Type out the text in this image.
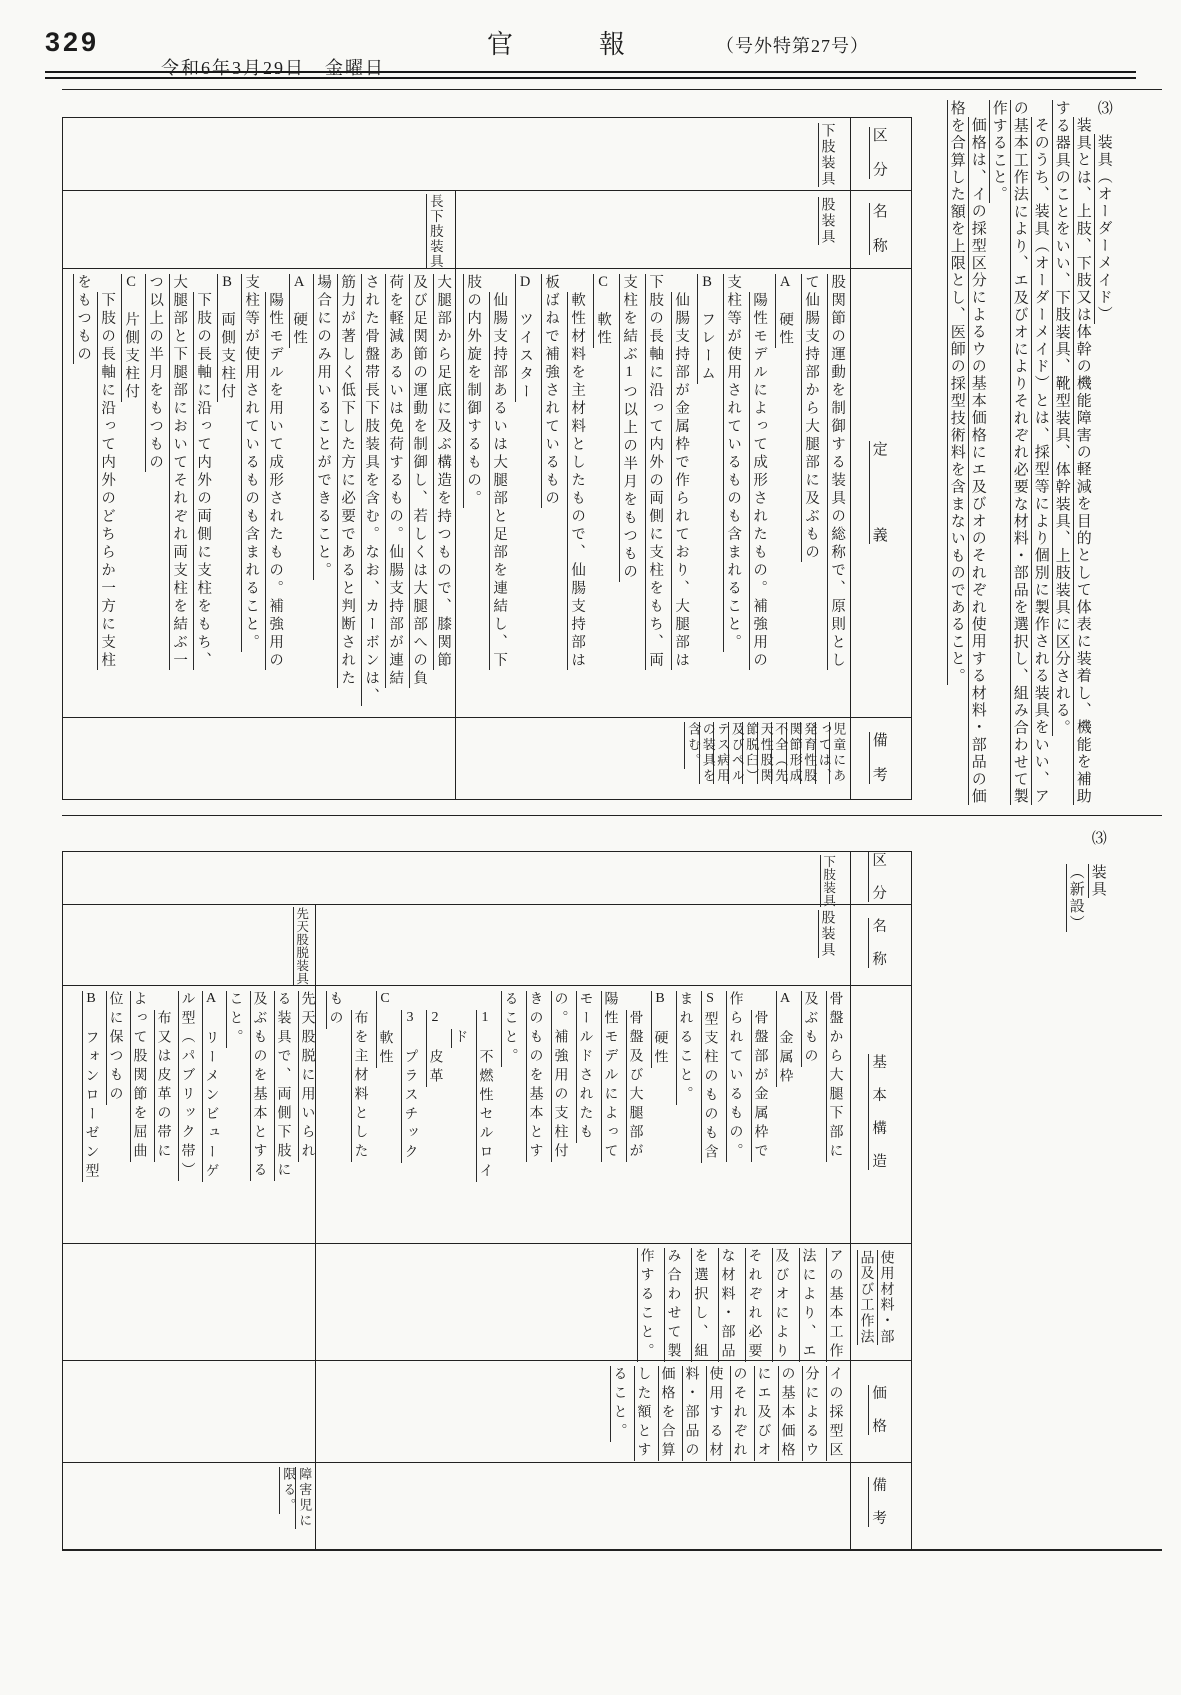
329

令和6年3月29日　 金曜日

官報 （号外特第27号）
⑶　装具（オーダーメイド）
装具とは、上肢、下肢又は体幹の機能障害の軽減を目的として体表に装着し、機能を補助
する器具のことをいい、下肢装具、靴型装具、体幹装具、上肢装具に区分される。
そのうち、装具（オーダーメイド）とは、採型等により個別に製作される装具をいい、ア
の基本工作法により、エ及びオによりそれぞれ必要な材料・部品を選択し、組み合わせて製
作すること。
価格は、イの採型区分によるウの基本価格にエ及びオのそれぞれ使用する材料・部品の価
格を合算した額を上限とし、医師の採型技術料を含まないものであること。
区　分
名　称
定　　　　義
備　考
下肢装具
股装具
股関節の運動を制御する装具の総称で、原則とし
て仙腸支持部から大腿部に及ぶもの
A　硬性
陽性モデルによって成形されたもの。補強用の
支柱等が使用されているものも含まれること。
B　フレーム
仙腸支持部が金属枠で作られており、大腿部は
下肢の長軸に沿って内外の両側に支柱をもち、両
支柱を結ぶ1つ以上の半月をもつもの
C　軟性
軟性材料を主材料としたもので、仙腸支持部は
板ばねで補強されているもの
D　ツイスター
仙腸支持部あるいは大腿部と足部を連結し、下
肢の内外旋を制御するもの。
児童にあ
っては、
発育性股
関節形成
不全（先
天性股関
節脱臼）
及びペル
テス病用
の装具を
含む。
長下肢装具
大腿部から足底に及ぶ構造を持つもので、膝関節
及び足関節の運動を制御し、若しくは大腿部への負
荷を軽減あるいは免荷するもの。仙腸支持部が連結
された骨盤帯長下肢装具を含む。なお、カーボンは、
筋力が著しく低下した方に必要であると判断された
場合にのみ用いることができること。
A　硬性
陽性モデルを用いて成形されたもの。補強用の
支柱等が使用されているものも含まれること。
B　両側支柱付
下肢の長軸に沿って内外の両側に支柱をもち、
大腿部と下腿部においてそれぞれ両支柱を結ぶ一
つ以上の半月をもつもの
C　片側支柱付
下肢の長軸に沿って内外のどちらか一方に支柱
をもつもの
⑶　装具
（新設）
区　分
名　称
基　本　構　造
使用材料・部
品及び工作法
価　格
備　考
下肢装具
股装具
骨盤から大腿下部に
及ぶもの
A　金属枠
骨盤部が金属枠で
作られているもの。
S型支柱のものも含
まれること。
B　硬性
骨盤及び大腿部が
陽性モデルによって
モールドされたも
の。補強用の支柱付
きのものを基本とす
ること。
1　不燃性セルロイ
ド
2　皮革
3　プラスチック
C　軟性
布を主材料とした
もの
アの基本工作
法により、エ
及びオにより
それぞれ必要
な材料・部品
を選択し、組
み合わせて製
作すること。
イの採型区
分によるウ
の基本価格
にエ及びオ
のそれぞれ
使用する材
料・部品の
価格を合算
した額とす
ること。
先天股脱装具
先天股脱に用いられ
る装具で、両側下肢に
及ぶものを基本とする
こと。
A　リーメンビューゲ
ル型（パブリック帯）
布又は皮革の帯に
よって股関節を屈曲
位に保つもの
B　フォンローゼン型
障害児に
限る。
